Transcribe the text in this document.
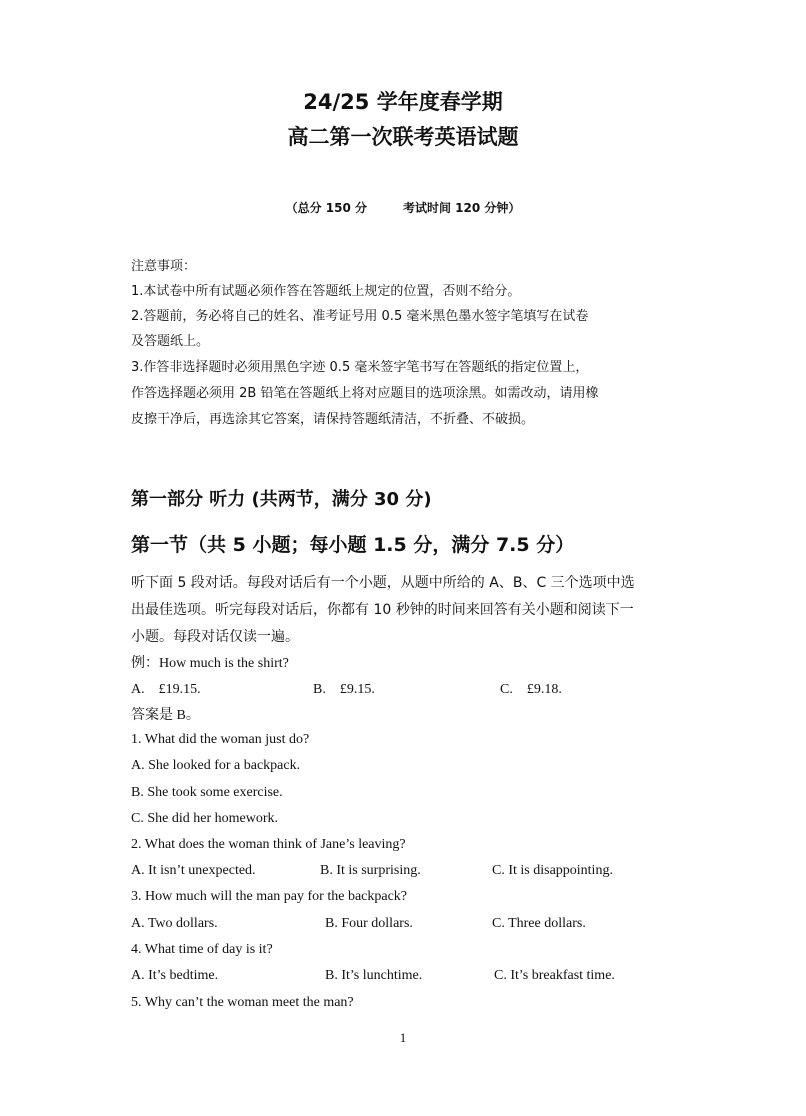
24/25 学年度春学期
高二第一次联考英语试题
（总分 150 分　　　考试时间 120 分钟）
注意事项：
1.本试卷中所有试题必须作答在答题纸上规定的位置，否则不给分。
2.答题前，务必将自己的姓名、准考证号用 0.5 毫米黑色墨水签字笔填写在试卷
及答题纸上。
3.作答非选择题时必须用黑色字迹 0.5 毫米签字笔书写在答题纸的指定位置上，
作答选择题必须用 2B 铅笔在答题纸上将对应题目的选项涂黑。如需改动，请用橡
皮擦干净后，再选涂其它答案，请保持答题纸清洁，不折叠、不破损。
第一部分 听力 (共两节，满分 30 分)
第一节（共 5 小题；每小题 1.5 分，满分 7.5 分）
听下面 5 段对话。每段对话后有一个小题，从题中所给的 A、B、C 三个选项中选
出最佳选项。听完每段对话后，你都有 10 秒钟的时间来回答有关小题和阅读下一
小题。每段对话仅读一遍。
例：How much is the shirt?
A.　£19.15.	B.　£9.15.	C.　£9.18.
答案是 B。
1. What did the woman just do?
A. She looked for a backpack.
B. She took some exercise.
C. She did her homework.
2. What does the woman think of Jane’s leaving?
A. It isn’t unexpected.	B. It is surprising.	C. It is disappointing.
3. How much will the man pay for the backpack?
A. Two dollars.	B. Four dollars.	C. Three dollars.
4. What time of day is it?
A. It’s bedtime.	B. It’s lunchtime.	C. It’s breakfast time.
5. Why can’t the woman meet the man?
1
